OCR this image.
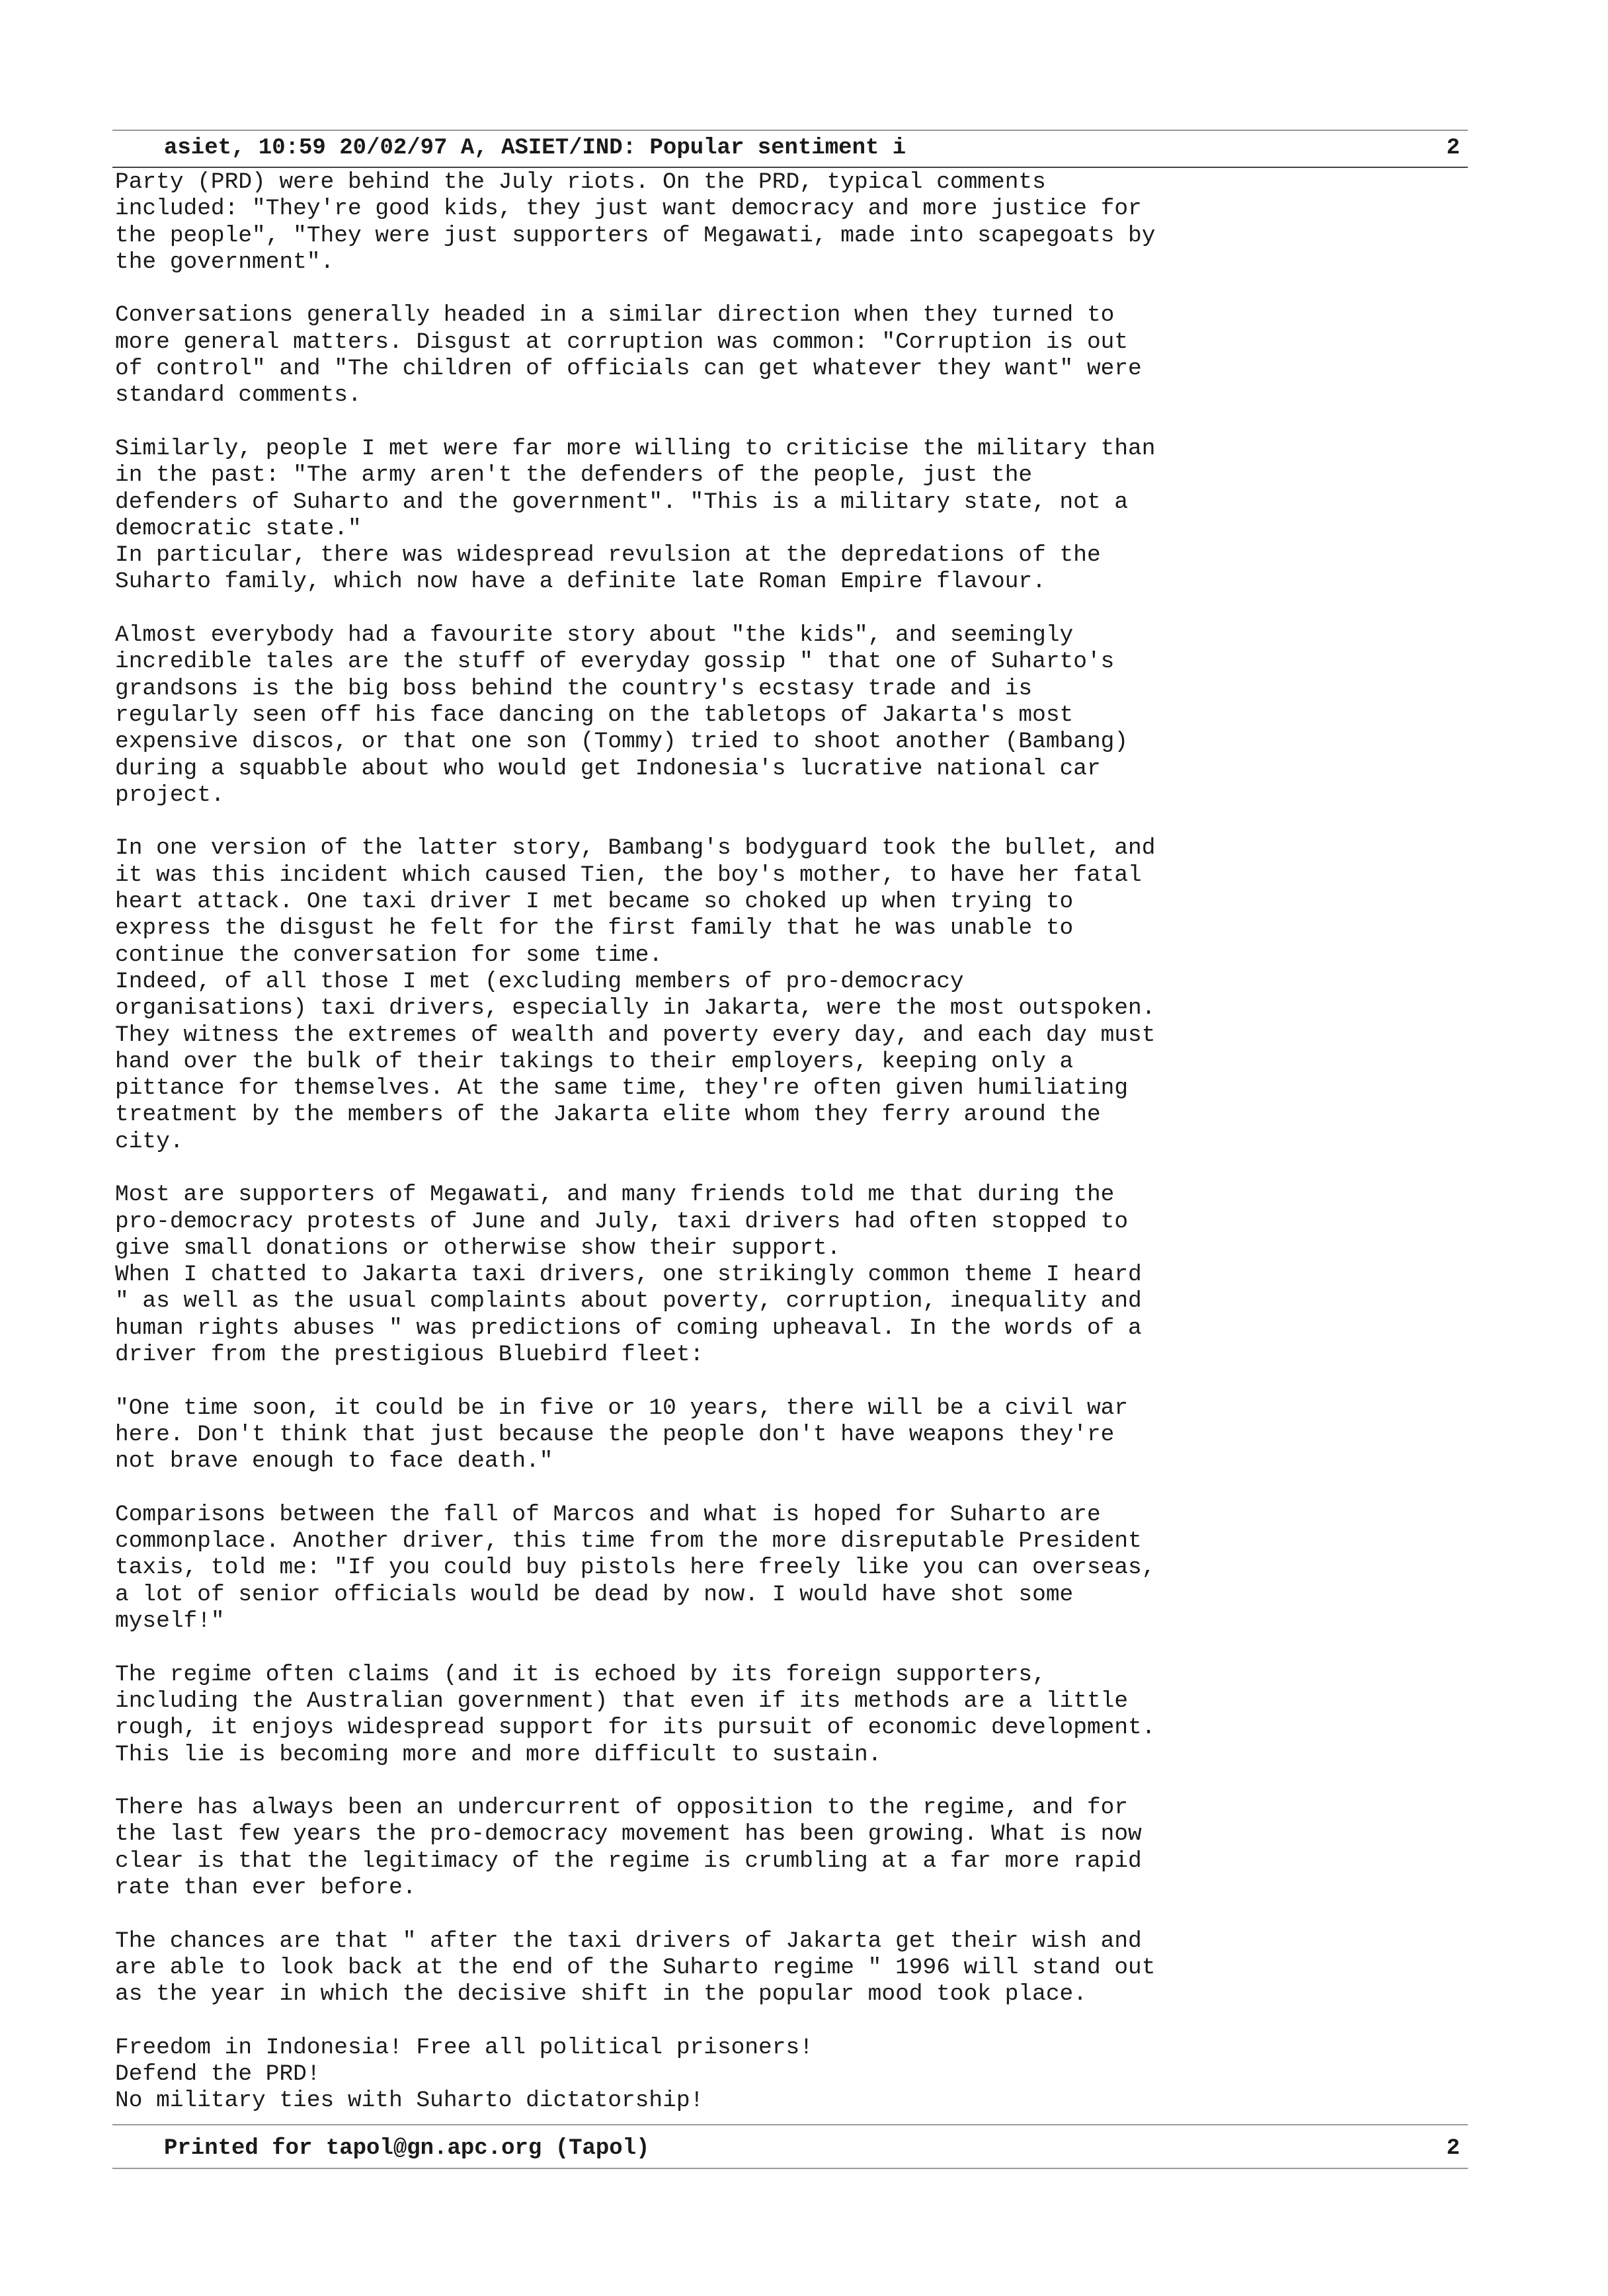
asiet, 10:59 20/02/97 A, ASIET/IND: Popular sentiment i	2
Party (PRD) were behind the July riots. On the PRD, typical comments
included: "They're good kids, they just want democracy and more justice for
the people", "They were just supporters of Megawati, made into scapegoats by
the government".
Conversations generally headed in a similar direction when they turned to
more general matters. Disgust at corruption was common: "Corruption is out
of control" and "The children of officials can get whatever they want" were
standard comments.
Similarly, people I met were far more willing to criticise the military than
in the past: "The army aren't the defenders of the people, just the
defenders of Suharto and the government". "This is a military state, not a
democratic state."
In particular, there was widespread revulsion at the depredations of the
Suharto family, which now have a definite late Roman Empire flavour.
Almost everybody had a favourite story about "the kids", and seemingly
incredible tales are the stuff of everyday gossip " that one of Suharto's
grandsons is the big boss behind the country's ecstasy trade and is
regularly seen off his face dancing on the tabletops of Jakarta's most
expensive discos, or that one son (Tommy) tried to shoot another (Bambang)
during a squabble about who would get Indonesia's lucrative national car
project.
In one version of the latter story, Bambang's bodyguard took the bullet, and
it was this incident which caused Tien, the boy's mother, to have her fatal
heart attack. One taxi driver I met became so choked up when trying to
express the disgust he felt for the first family that he was unable to
continue the conversation for some time.
Indeed, of all those I met (excluding members of pro-democracy
organisations) taxi drivers, especially in Jakarta, were the most outspoken.
They witness the extremes of wealth and poverty every day, and each day must
hand over the bulk of their takings to their employers, keeping only a
pittance for themselves. At the same time, they're often given humiliating
treatment by the members of the Jakarta elite whom they ferry around the
city.
Most are supporters of Megawati, and many friends told me that during the
pro-democracy protests of June and July, taxi drivers had often stopped to
give small donations or otherwise show their support.
When I chatted to Jakarta taxi drivers, one strikingly common theme I heard
" as well as the usual complaints about poverty, corruption, inequality and
human rights abuses " was predictions of coming upheaval. In the words of a
driver from the prestigious Bluebird fleet:
"One time soon, it could be in five or 10 years, there will be a civil war
here. Don't think that just because the people don't have weapons they're
not brave enough to face death."
Comparisons between the fall of Marcos and what is hoped for Suharto are
commonplace. Another driver, this time from the more disreputable President
taxis, told me: "If you could buy pistols here freely like you can overseas,
a lot of senior officials would be dead by now. I would have shot some
myself!"
The regime often claims (and it is echoed by its foreign supporters,
including the Australian government) that even if its methods are a little
rough, it enjoys widespread support for its pursuit of economic development.
This lie is becoming more and more difficult to sustain.
There has always been an undercurrent of opposition to the regime, and for
the last few years the pro-democracy movement has been growing. What is now
clear is that the legitimacy of the regime is crumbling at a far more rapid
rate than ever before.
The chances are that " after the taxi drivers of Jakarta get their wish and
are able to look back at the end of the Suharto regime " 1996 will stand out
as the year in which the decisive shift in the popular mood took place.
Freedom in Indonesia! Free all political prisoners!
Defend the PRD!
No military ties with Suharto dictatorship!
Printed for tapol@gn.apc.org (Tapol)	2
